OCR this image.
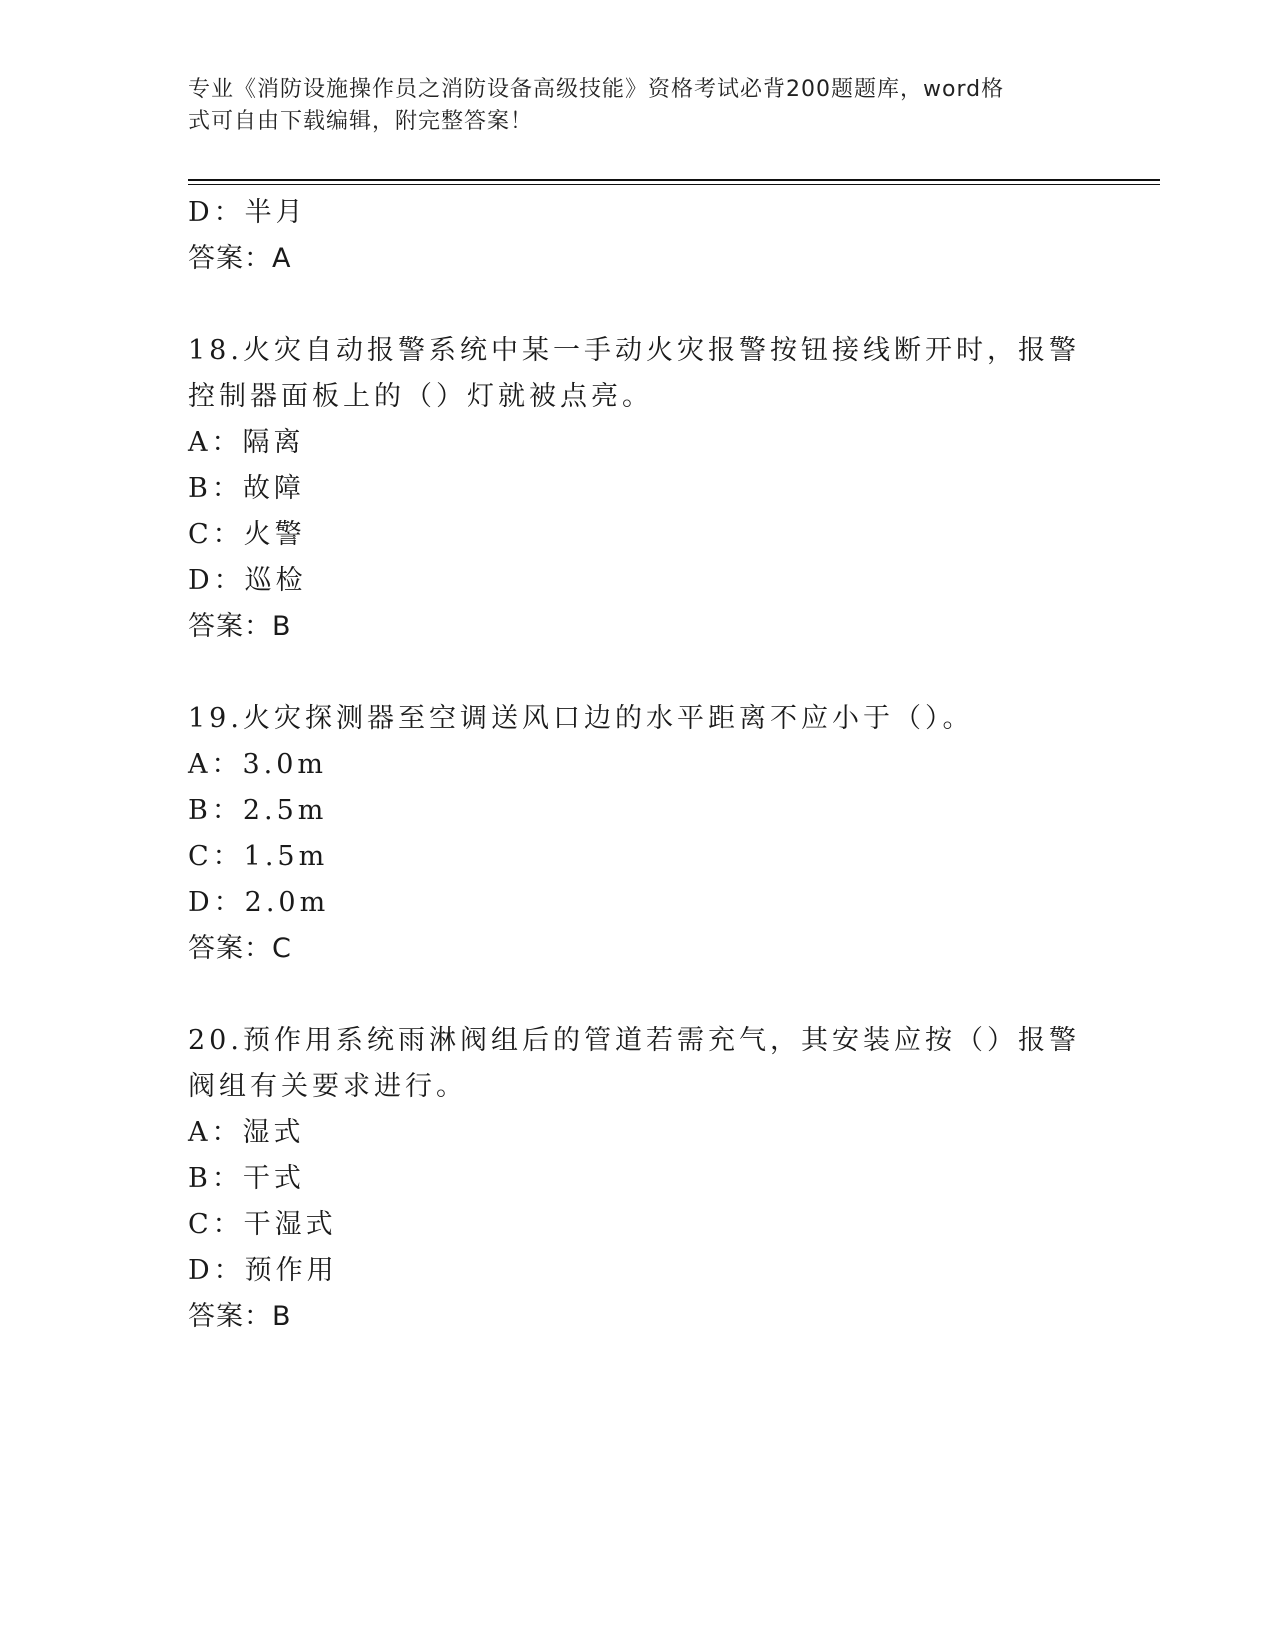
专业《消防设施操作员之消防设备高级技能》资格考试必背200题题库，word格
式可自由下载编辑，附完整答案！
D：半月
答案：A
18.火灾自动报警系统中某一手动火灾报警按钮接线断开时，报警控制器面板上的（）灯就被点亮。
A：隔离
B：故障
C：火警
D：巡检
答案：B
19.火灾探测器至空调送风口边的水平距离不应小于（）。
A：3.0m
B：2.5m
C：1.5m
D：2.0m
答案：C
20.预作用系统雨淋阀组后的管道若需充气，其安装应按（）报警阀组有关要求进行。
A：湿式
B：干式
C：干湿式
D：预作用
答案：B
